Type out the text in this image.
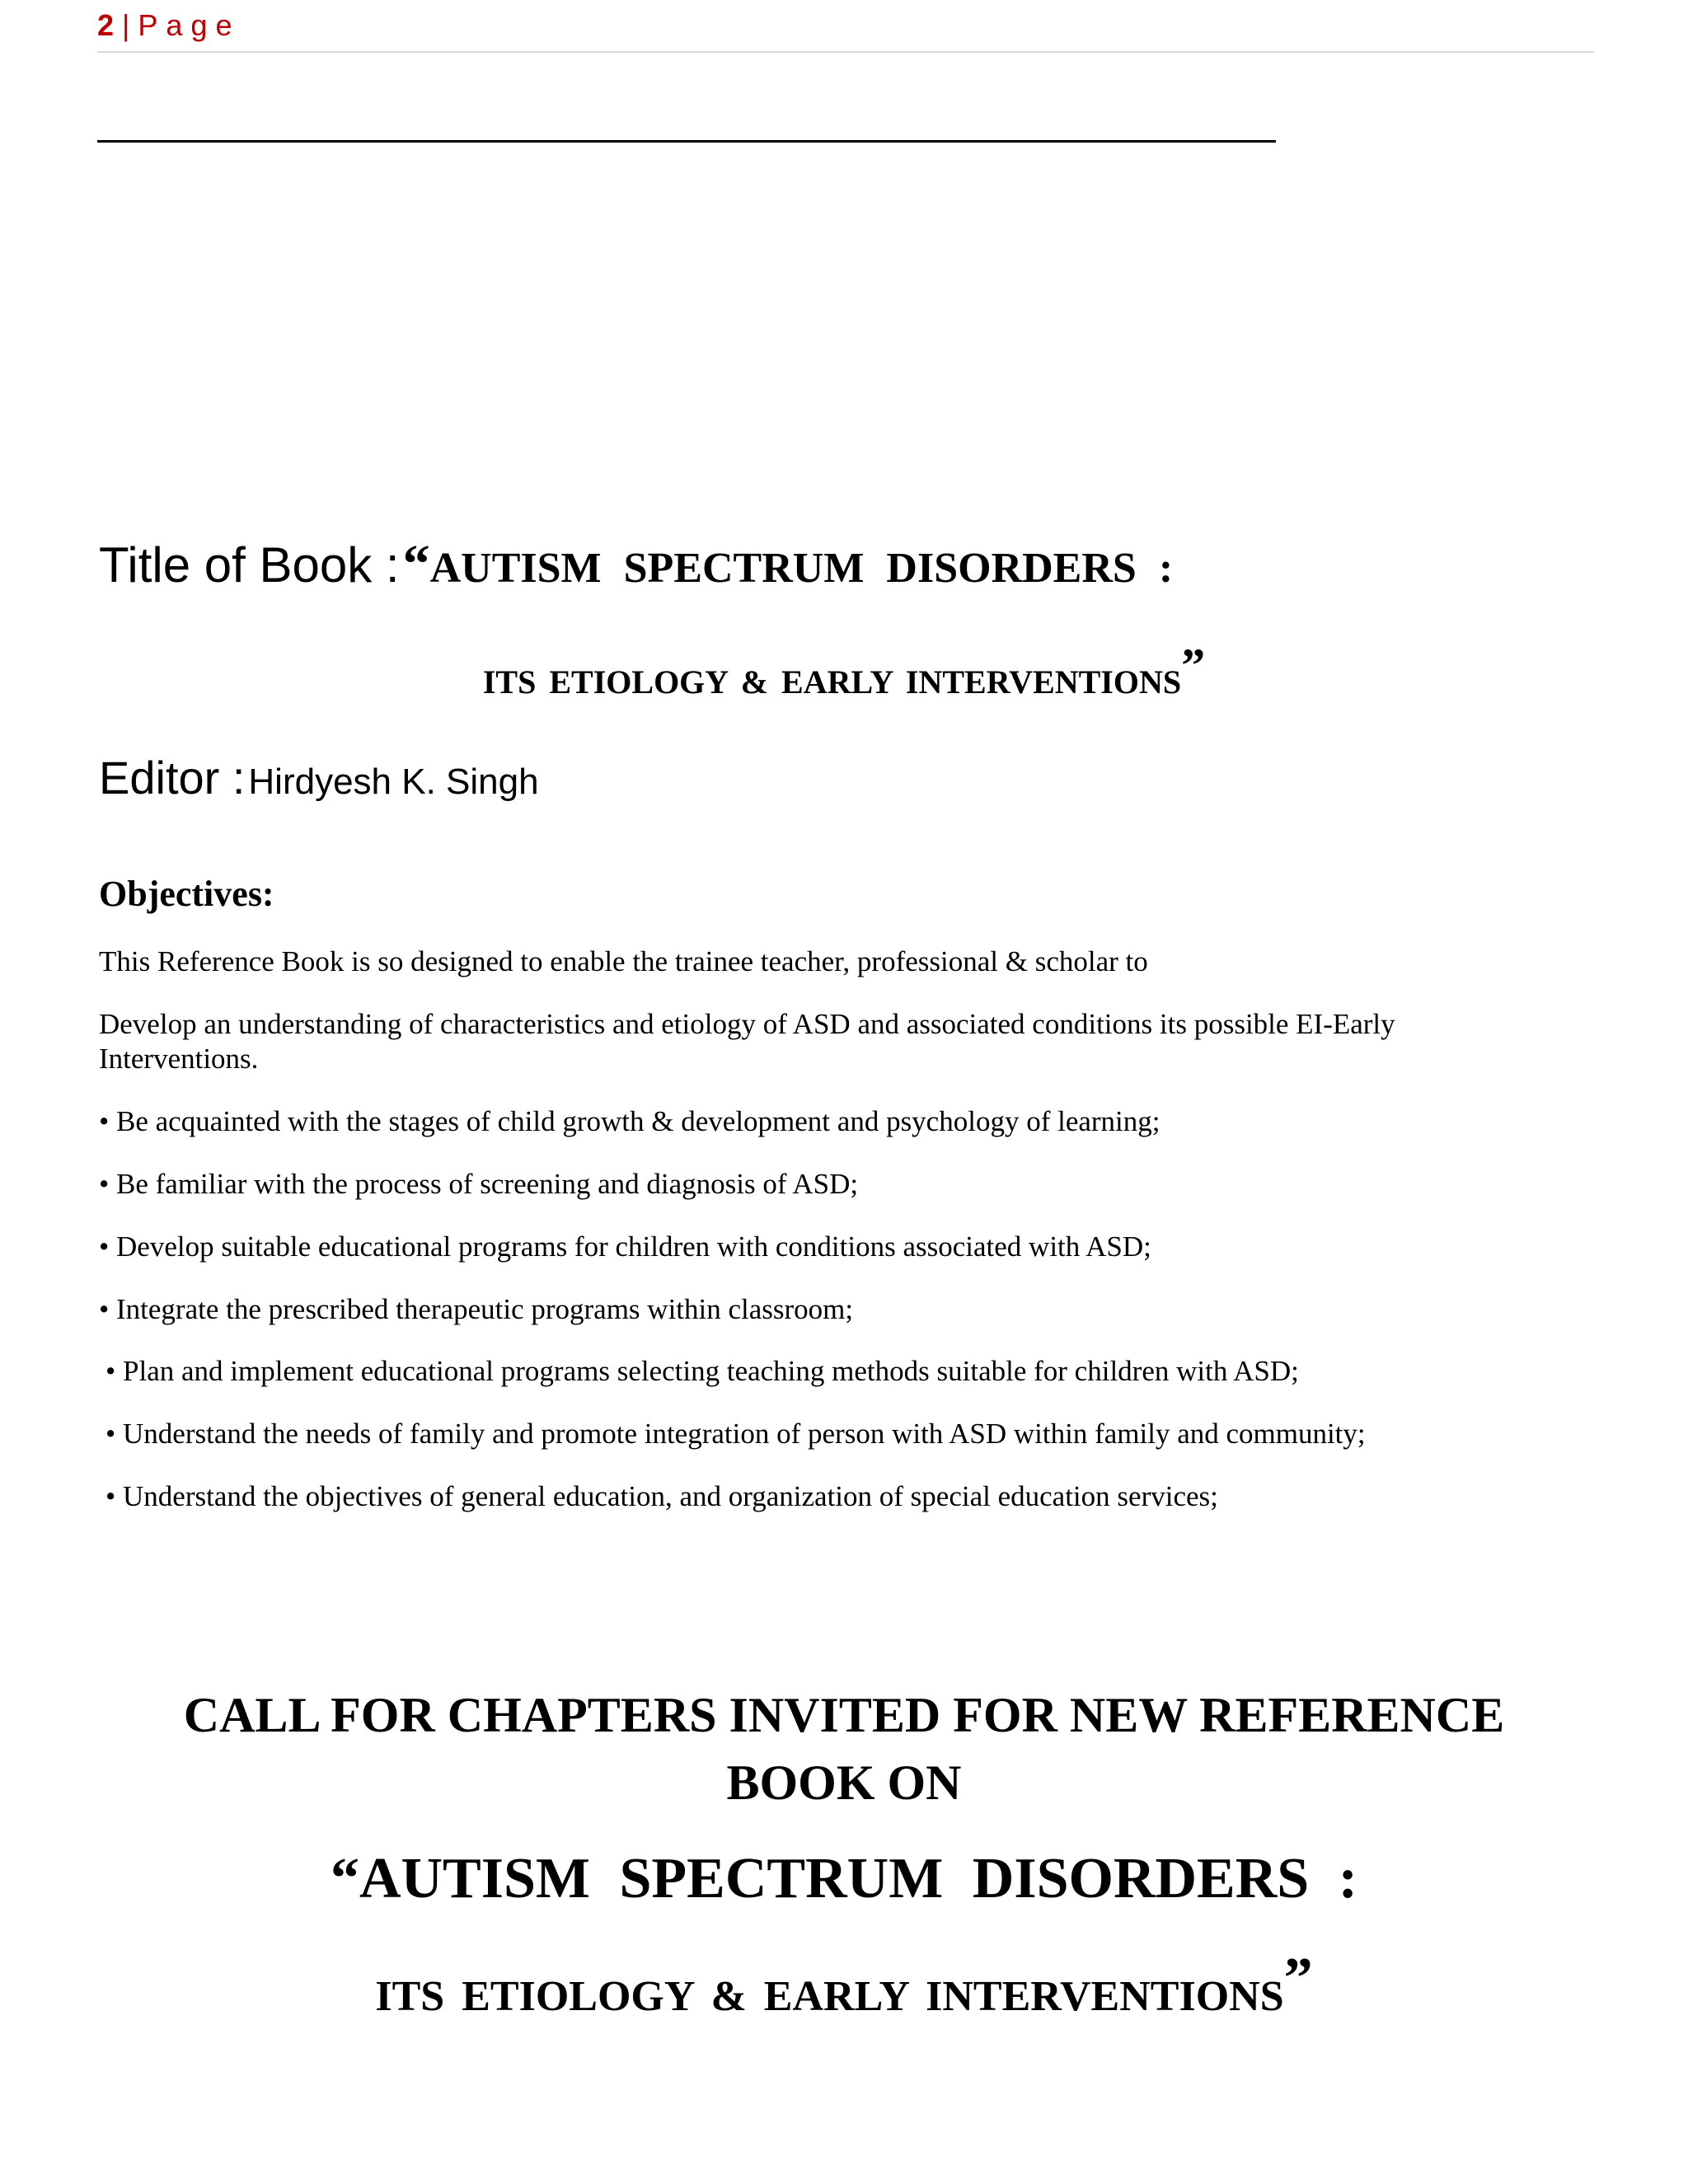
2 | Page
Title of Book : “AUTISM SPECTRUM DISORDERS :
ITS ETIOLOGY & EARLY INTERVENTIONS”
Editor : Hirdyesh K. Singh
Objectives:

This Reference Book is so designed to enable the trainee teacher, professional & scholar to

Develop an understanding of characteristics and etiology of ASD and associated conditions its possible EI-Early Interventions.

• Be acquainted with the stages of child growth & development and psychology of learning;

• Be familiar with the process of screening and diagnosis of ASD;

• Develop suitable educational programs for children with conditions associated with ASD;

• Integrate the prescribed therapeutic programs within classroom;

• Plan and implement educational programs selecting teaching methods suitable for children with ASD;

• Understand the needs of family and promote integration of person with ASD within family and community;

• Understand the objectives of general education, and organization of special education services;

CALL FOR CHAPTERS INVITED FOR NEW REFERENCE
BOOK ON
“AUTISM SPECTRUM DISORDERS :
ITS ETIOLOGY & EARLY INTERVENTIONS”
